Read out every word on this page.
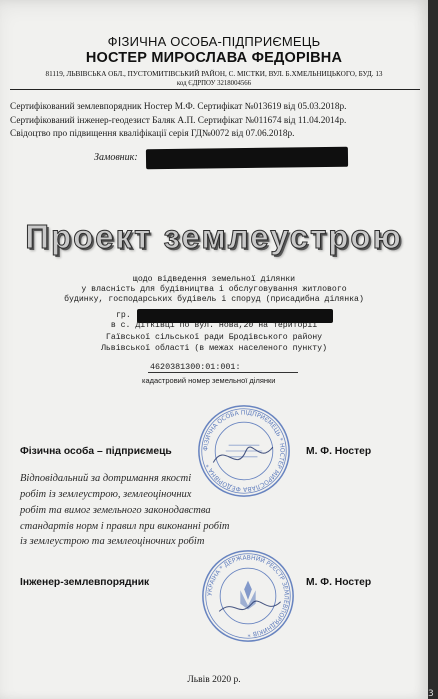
ФІЗИЧНА ОСОБА-ПІДПРИЄМЕЦЬ
НОСТЕР МИРОСЛАВА ФЕДОРІВНА
81119, ЛЬВІВСЬКА ОБЛ., ПУСТОМИТІВСЬКИЙ РАЙОН, С. МІСТКИ, ВУЛ. Б.ХМЕЛЬНИЦЬКОГО, БУД. 13
код ЄДРПОУ 3218004566
Сертифікований землевпорядник Ностер М.Ф. Сертифікат №013619 від 05.03.2018р.
Сертифікований інженер-геодезист Баляк А.П. Сертифікат №011674 від 11.04.2014р.
Свідоцтво про підвищення кваліфікації серія ГД№0072 від 07.06.2018р.
Замовник:
Проект землеустрою
щодо відведення земельної ділянки
у власність для будівництва і обслуговування житлового
будинку, господарських будівель і споруд (присадибна ділянка)
гр.
в с. Дітківці по вул. Нова,20 на території
Гаївської сільської ради Бродівського району
Львівської області (в межах населеного пункту)
4620381300:01:001:
кадастровий номер земельної ділянки
Фізична особа – підприємець	М. Ф. Ностер
Відповідальний за дотримання якості
робіт із землеустрою, землеоціночних
робіт та вимог земельного законодавства
стандартів норм і правил при виконанні робіт
із землеустрою та землеоціночних робіт
Інженер-землевпорядник	М. Ф. Ностер
ФІЗИЧНА ОСОБА ПІДПРИЄМЕЦЬ * НОСТЕР МИРОСЛАВА ФЕДОРІВНА *
УКРАЇНА * ДЕРЖАВНИЙ РЕЄСТР ЗЕМЛЕВПОРЯДНИКІВ *
Львів 2020 р.
3
